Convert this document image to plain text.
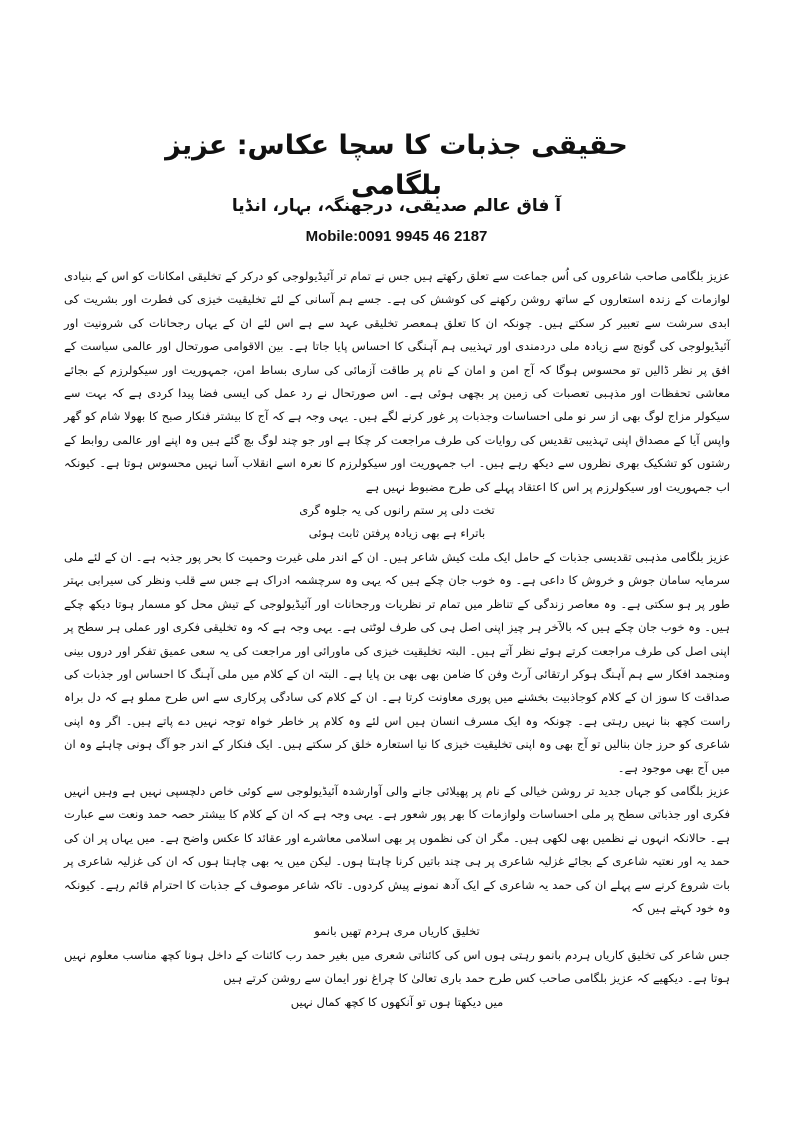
حقیقی جذبات کا سچا عکاس: عزیز بلگامی
آ فاق عالم صدیقی، درجھنگہ، بہار، انڈیا
Mobile:0091 9945 46 2187

عزیز بلگامی صاحب شاعروں کی اُس جماعت سے تعلق رکھتے ہیں جس نے تمام تر آئیڈیولوجی کو درکر کے تخلیقی امکانات کو اس کے بنیادی لوازمات کے زندہ استعاروں کے ساتھ روشن رکھنے کی کوشش کی ہے۔ جسے ہم آسانی کے لئے تخلیقیت خیزی کی فطرت اور بشریت کی ابدی سرشت سے تعبیر کر سکتے ہیں۔ چونکہ ان کا تعلق ہمعصر تخلیقی عہد سے ہے اس لئے ان کے یہاں رجحانات کی شرونیت اور آئیڈیولوجی کی گونج سے زیادہ ملی دردمندی اور تہذیبی ہم آہنگی کا احساس پایا جاتا ہے۔ بین الاقوامی صورتحال اور عالمی سیاست کے افق پر نظر ڈالیں تو محسوس ہوگا کہ آج امن و امان کے نام پر طاقت آزمائی کی ساری بساط امن، جمہوریت اور سیکولرزم کے بجائے معاشی تحفظات اور مذہبی تعصبات کی زمین پر بچھی ہوئی ہے۔ اس صورتحال نے رد عمل کی ایسی فضا پیدا کردی ہے کہ بہت سے سیکولر مزاج لوگ بھی از سر نو ملی احساسات وجذبات پر غور کرنے لگے ہیں۔ یہی وجہ ہے کہ آج کا بیشتر فنکار صبح کا بھولا شام کو گھر واپس آیا کے مصداق اپنی تہذیبی تقدیس کی روایات کی طرف مراجعت کر چکا ہے اور جو چند لوگ بچ گئے ہیں وہ اپنے اور عالمی روابط کے رشتوں کو تشکیک بھری نظروں سے دیکھ رہے ہیں۔ اب جمہوریت اور سیکولرزم کا نعرہ اسے انقلاب آسا نہیں محسوس ہوتا ہے۔ کیونکہ اب جمہوریت اور سیکولرزم پر اس کا اعتقاد پہلے کی طرح مضبوط نہیں ہے

تخت دلی پر ستم رانوں کی یہ جلوہ گری

باتراء ہے بھی زیادہ پرفتن ثابت ہوئی

عزیز بلگامی مذہبی تقدیسی جذبات کے حامل ایک ملت کیش شاعر ہیں۔ ان کے اندر ملی غیرت وحمیت کا بحر پور جذبہ ہے۔ ان کے لئے ملی سرمایہ سامان جوش و خروش کا داعی ہے۔ وہ خوب جان چکے ہیں کہ یہی وہ سرچشمہ ادراک ہے جس سے قلب ونظر کی سیرابی بہتر طور پر ہو سکتی ہے۔ وہ معاصر زندگی کے تناظر میں تمام تر نظریات ورجحانات اور آئیڈیولوجی کے تیش محل کو مسمار ہوتا دیکھ چکے ہیں۔ وہ خوب جان چکے ہیں کہ بالآخر ہر چیز اپنی اصل ہی کی طرف لوٹتی ہے۔ یہی وجہ ہے کہ وہ تخلیقی فکری اور عملی ہر سطح پر اپنی اصل کی طرف مراجعت کرتے ہوئے نظر آتے ہیں۔ البتہ تخلیقیت خیزی کی ماورائی اور مراجعت کی یہ سعی عمیق تفکر اور دروں بینی ومنجمد افکار سے ہم آہنگ ہوکر ارتقائی آرٹ وفن کا ضامن بھی بھی بن پایا ہے۔ البتہ ان کے کلام میں ملی آہنگ کا احساس اور جذبات کی صداقت کا سوز ان کے کلام کوجاذبیت بخشنے میں پوری معاونت کرتا ہے۔ ان کے کلام کی سادگی پرکاری سے اس طرح مملو ہے کہ دل براہ راست کچھ بنا نہیں رہتی ہے۔ چونکہ وہ ایک مسرف انسان ہیں اس لئے وہ کلام پر خاطر خواہ توجہ نہیں دے پاتے ہیں۔ اگر وہ اپنی شاعری کو حرز جان بنالیں تو آج بھی وہ اپنی تخلیقیت خیزی کا نیا استعارہ خلق کر سکتے ہیں۔ ایک فنکار کے اندر جو آگ ہونی چاہئے وہ ان میں آج بھی موجود ہے۔

عزیز بلگامی کو جہاں جدید تر روشن خیالی کے نام پر پھیلائی جانے والی آوارشدہ آئیڈیولوجی سے کوئی خاص دلچسپی نہیں ہے وہیں انہیں فکری اور جذباتی سطح پر ملی احساسات ولوازمات کا بھر پور شعور ہے۔ یہی وجہ ہے کہ ان کے کلام کا بیشتر حصہ حمد ونعت سے عبارت ہے۔ حالانکہ انہوں نے نظمیں بھی لکھی ہیں۔ مگر ان کی نظموں پر بھی اسلامی معاشرے اور عقائد کا عکس واضح ہے۔ میں یہاں پر ان کی حمد یہ اور نعتیہ شاعری کے بجائے غزلیہ شاعری پر ہی چند باتیں کرنا چاہتا ہوں۔ لیکن میں یہ بھی چاہتا ہوں کہ ان کی غزلیہ شاعری پر بات شروع کرنے سے پہلے ان کی حمد یہ شاعری کے ایک آدھ نمونے پیش کردوں۔ تاکہ شاعر موصوف کے جذبات کا احترام قائم رہے۔ کیونکہ وہ خود کہتے ہیں کہ

تخلیق کاریاں مری ہردم تھیں بانمو

جس شاعر کی تخلیق کاریاں ہردم بانمو رہتی ہوں اس کی کائناتی شعری میں بغیر حمد رب کائنات کے داخل ہونا کچھ مناسب معلوم نہیں ہوتا ہے۔ دیکھیے کہ عزیز بلگامی صاحب کس طرح حمد باری تعالیٰ کا چراغ نور ایمان سے روشن کرتے ہیں

میں دیکھتا ہوں تو آنکھوں کا کچھ کمال نہیں
